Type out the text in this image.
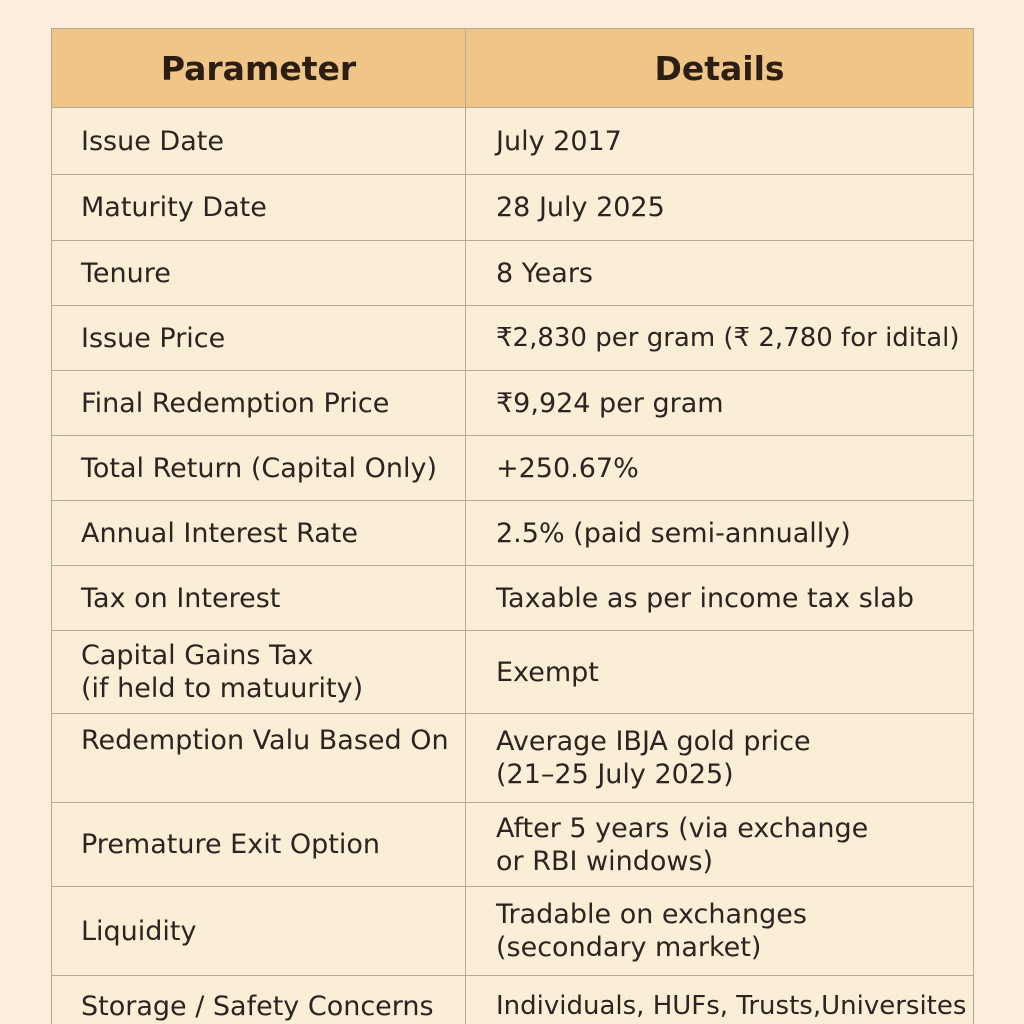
Parameter	Details

Issue Date	July 2017

Maturity Date	28 July 2025

Tenure	8 Years

Issue Price	₹2,830 per gram (₹ 2,780 for idital)

Final Redemption Price	₹9,924 per gram

Total Return (Capital Only)	+250.67%

Annual Interest Rate	2.5% (paid semi-annually)

Tax on Interest	Taxable as per income tax slab

Capital Gains Tax
(if held to matuurity)	Exempt

Redemption Valu Based On	Average IBJA gold price
(21–25 July 2025)

Premature Exit Option	After 5 years (via exchange
or RBI windows)

Liquidity	Tradable on exchanges
(secondary market)

Storage / Safety Concerns	Individuals, HUFs, Trusts,Universites
